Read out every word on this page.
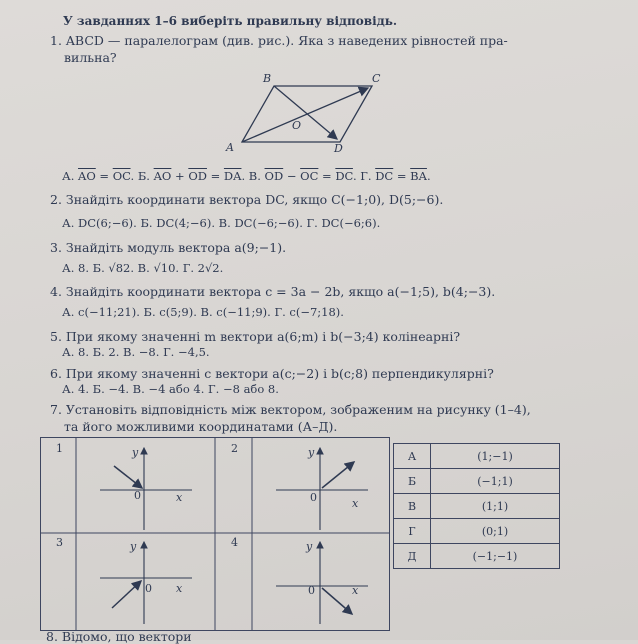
У завданнях 1–6 виберіть правильну відповідь.
1. ABCD — паралелограм (див. рис.). Яка з наведених рівностей пра-
вильна?
B	C
A	D
O
А. $\overline{AO} = \overline{OC}$. Б. $\overline{AO} + \overline{OD} = \overline{DA}$. В. $\overline{OD} - \overline{OC} = \overline{DC}$. Г. $\overline{DC} = \overline{BA}$.
2. Знайдіть координати вектора DC, якщо C(−1;0), D(5;−6).
А. DC(6;−6). Б. DC(4;−6). В. DC(−6;−6). Г. DC(−6;6).
3. Знайдіть модуль вектора a(9;−1).
А. 8. Б. √82. В. √10. Г. 2√2.
4. Знайдіть координати вектора c = 3a − 2b, якщо a(−1;5), b(4;−3).
А. c(−11;21). Б. c(5;9). В. c(−11;9). Г. c(−7;18).
5. При якому значенні m вектори a(6;m) і b(−3;4) колінеарні?
А. 8. Б. 2. В. −8. Г. −4,5.
6. При якому значенні c вектори a(c;−2) і b(c;8) перпендикулярні?
А. 4. Б. −4. В. −4 або 4. Г. −8 або 8.
7. Установіть відповідність між вектором, зображеним на рисунку (1–4),
та його можливими координатами (А–Д).
1	y
x
0
2	y
x
0
3	y
x
0
4	y
x
0
А	(1;−1)
Б	(−1;1)
В	(1;1)
Г	(0;1)
Д	(−1;−1)
8. Відомо, що вектори
